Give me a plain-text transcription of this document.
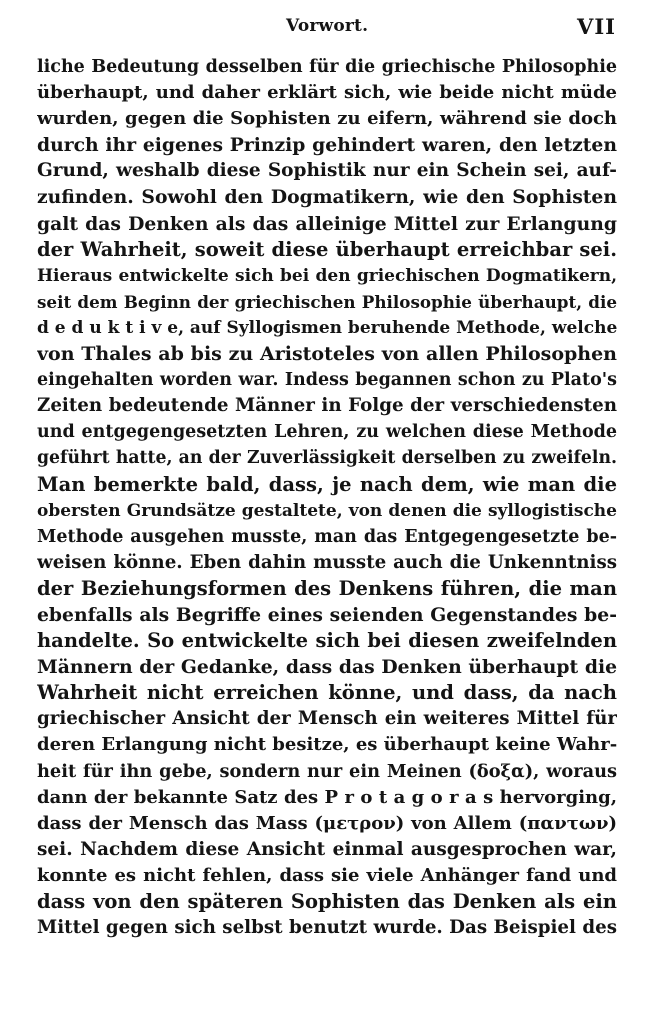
Vorwort.	VII
liche Bedeutung desselben für die griechische Philosophie
überhaupt, und daher erklärt sich, wie beide nicht müde
wurden, gegen die Sophisten zu eifern, während sie doch
durch ihr eigenes Prinzip gehindert waren, den letzten
Grund, weshalb diese Sophistik nur ein Schein sei, auf-
zufinden. Sowohl den Dogmatikern, wie den Sophisten
galt das Denken als das alleinige Mittel zur Erlangung
der Wahrheit, soweit diese überhaupt erreichbar sei.
Hieraus entwickelte sich bei den griechischen Dogmatikern,
seit dem Beginn der griechischen Philosophie überhaupt, die
d e d u k t i v e, auf Syllogismen beruhende Methode, welche
von Thales ab bis zu Aristoteles von allen Philosophen
eingehalten worden war. Indess begannen schon zu Plato's
Zeiten bedeutende Männer in Folge der verschiedensten
und entgegengesetzten Lehren, zu welchen diese Methode
geführt hatte, an der Zuverlässigkeit derselben zu zweifeln.
Man bemerkte bald, dass, je nach dem, wie man die
obersten Grundsätze gestaltete, von denen die syllogistische
Methode ausgehen musste, man das Entgegengesetzte be-
weisen könne. Eben dahin musste auch die Unkenntniss
der Beziehungsformen des Denkens führen, die man
ebenfalls als Begriffe eines seienden Gegenstandes be-
handelte. So entwickelte sich bei diesen zweifelnden
Männern der Gedanke, dass das Denken überhaupt die
Wahrheit nicht erreichen könne, und dass, da nach
griechischer Ansicht der Mensch ein weiteres Mittel für
deren Erlangung nicht besitze, es überhaupt keine Wahr-
heit für ihn gebe, sondern nur ein Meinen (δοξα), woraus
dann der bekannte Satz des P r o t a g o r a s hervorging,
dass der Mensch das Mass (μετρον) von Allem (παντων)
sei. Nachdem diese Ansicht einmal ausgesprochen war,
konnte es nicht fehlen, dass sie viele Anhänger fand und
dass von den späteren Sophisten das Denken als ein
Mittel gegen sich selbst benutzt wurde. Das Beispiel des
